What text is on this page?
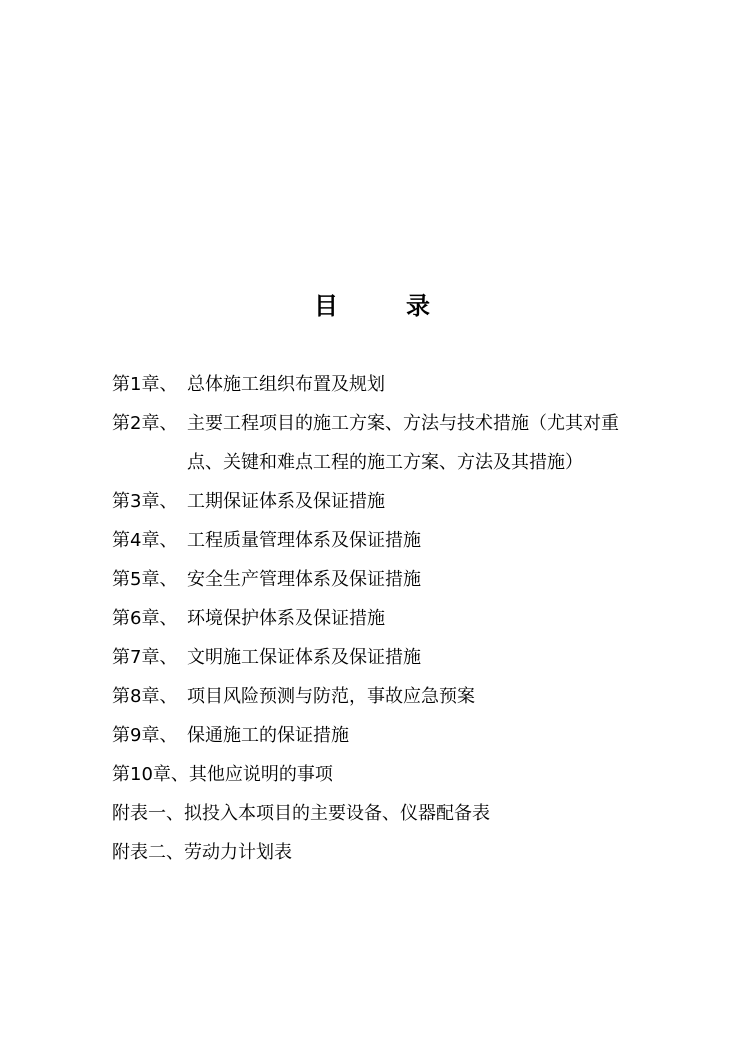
目　录
第1章、 总体施工组织布置及规划
第2章、 主要工程项目的施工方案、方法与技术措施（尤其对重点、关键和难点工程的施工方案、方法及其措施）
第3章、 工期保证体系及保证措施
第4章、 工程质量管理体系及保证措施
第5章、 安全生产管理体系及保证措施
第6章、 环境保护体系及保证措施
第7章、 文明施工保证体系及保证措施
第8章、 项目风险预测与防范，事故应急预案
第9章、 保通施工的保证措施
第10章、 其他应说明的事项
附表一、 拟投入本项目的主要设备、仪器配备表
附表二、 劳动力计划表
